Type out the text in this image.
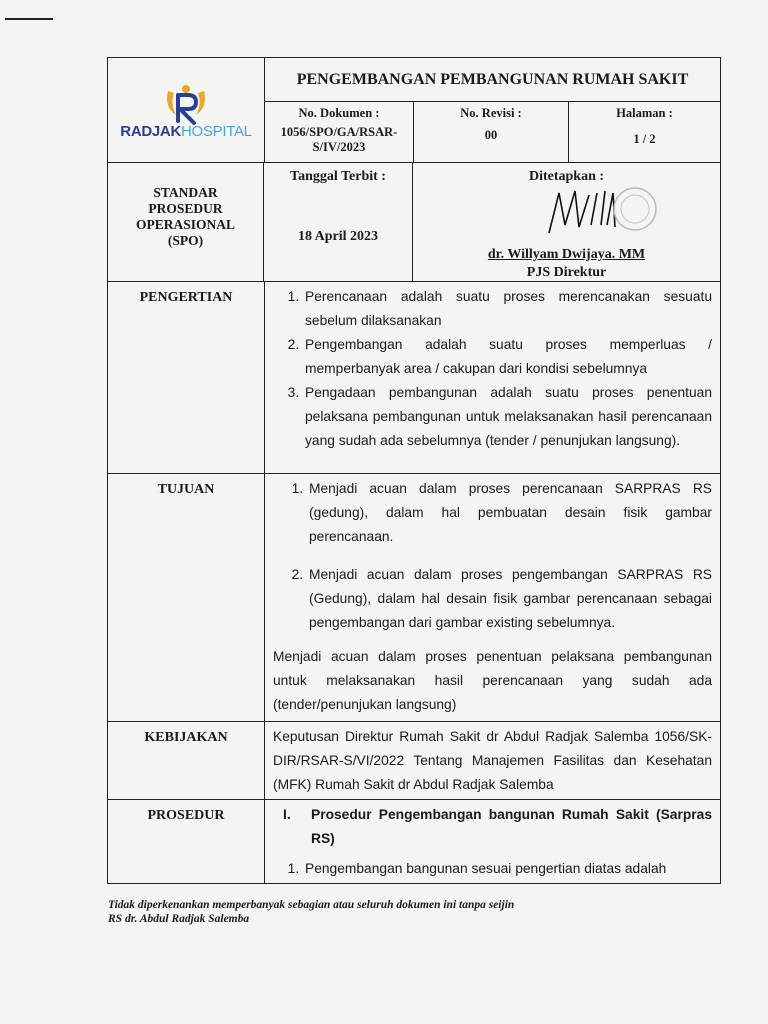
RADJAKHOSPITAL
PENGEMBANGAN PEMBANGUNAN RUMAH SAKIT
No. Dokumen :
1056/SPO/GA/RSAR-S/IV/2023
No. Revisi :
00
Halaman :
1 / 2
STANDAR
PROSEDUR
OPERASIONAL
(SPO)
Tanggal Terbit :
18 April 2023
Ditetapkan :
dr. Willyam Dwijaya. MM
PJS Direktur
PENGERTIAN	1. Perencanaan adalah suatu proses merencanakan sesuatu sebelum dilaksanakan
2. Pengembangan adalah suatu proses memperluas / memperbanyak area / cakupan dari kondisi sebelumnya
3. Pengadaan pembangunan adalah suatu proses penentuan pelaksana pembangunan untuk melaksanakan hasil perencanaan yang sudah ada sebelumnya (tender / penunjukan langsung).
TUJUAN	1. Menjadi acuan dalam proses perencanaan SARPRAS RS (gedung), dalam hal pembuatan desain fisik gambar perencanaan.
2. Menjadi acuan dalam proses pengembangan SARPRAS RS (Gedung), dalam hal desain fisik gambar perencanaan sebagai pengembangan dari gambar existing sebelumnya.
Menjadi acuan dalam proses penentuan pelaksana pembangunan untuk melaksanakan hasil perencanaan yang sudah ada (tender/penunjukan langsung)
KEBIJAKAN	Keputusan Direktur Rumah Sakit dr Abdul Radjak Salemba 1056/SK-DIR/RSAR-S/VI/2022 Tentang Manajemen Fasilitas dan Kesehatan (MFK) Rumah Sakit dr Abdul Radjak Salemba
PROSEDUR	I.	Prosedur Pengembangan bangunan Rumah Sakit (Sarpras RS)
1. Pengembangan bangunan sesuai pengertian diatas adalah
Tidak diperkenankan memperbanyak sebagian atau seluruh dokumen ini tanpa seijin
RS dr. Abdul Radjak Salemba
